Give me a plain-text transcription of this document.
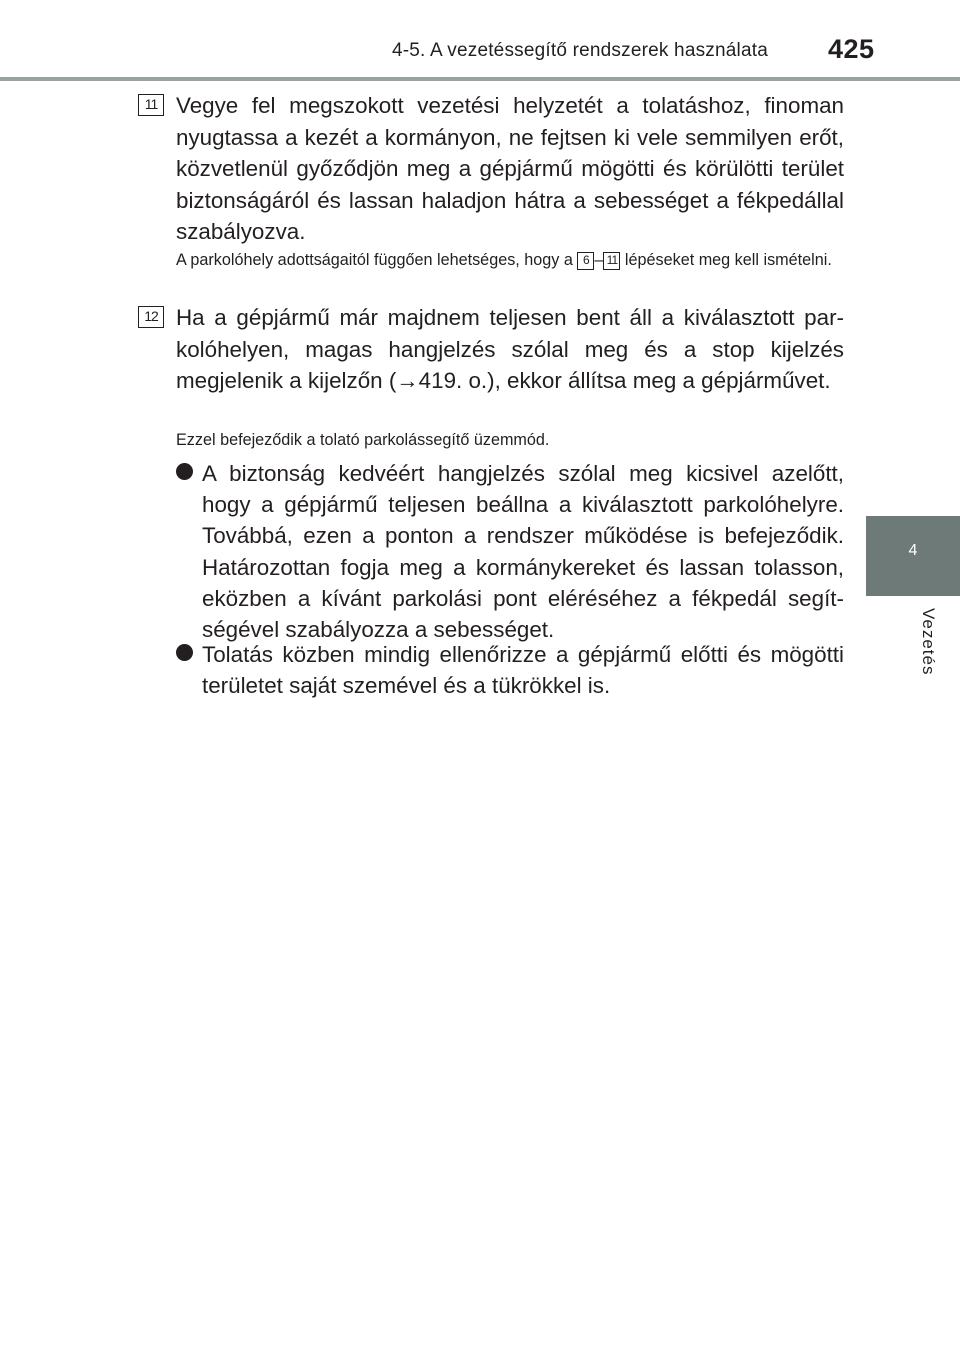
4-5. A vezetéssegítő rendszerek használata	425
4
Vezetés
11 Vegye fel megszokott vezetési helyzetét a tolatáshoz, finoman nyugtassa a kezét a kormányon, ne fejtsen ki vele semmilyen erőt, közvetlenül győződjön meg a gépjármű mögötti és körülötti terület biztonságáról és lassan haladjon hátra a sebességet a fékpedállal szabályozva.

A parkolóhely adottságaitól függően lehetséges, hogy a 6 – 11 lépéseket meg kell ismételni.

12 Ha a gépjármű már majdnem teljesen bent áll a kiválasztott parkolóhelyen, magas hangjelzés szólal meg és a stop kijelzés megjelenik a kijelzőn (→419. o.), ekkor állítsa meg a gépjárművet.

Ezzel befejeződik a tolató parkolássegítő üzemmód.

A biztonság kedvéért hangjelzés szólal meg kicsivel azelőtt, hogy a gépjármű teljesen beállna a kiválasztott parkolóhelyre. Továbbá, ezen a ponton a rendszer működése is befejeződik. Határozottan fogja meg a kormánykereket és lassan tolasson, eközben a kívánt parkolási pont eléréséhez a fékpedál segítségével szabályozza a sebességet.

Tolatás közben mindig ellenőrizze a gépjármű előtti és mögötti területet saját szemével és a tükrökkel is.
